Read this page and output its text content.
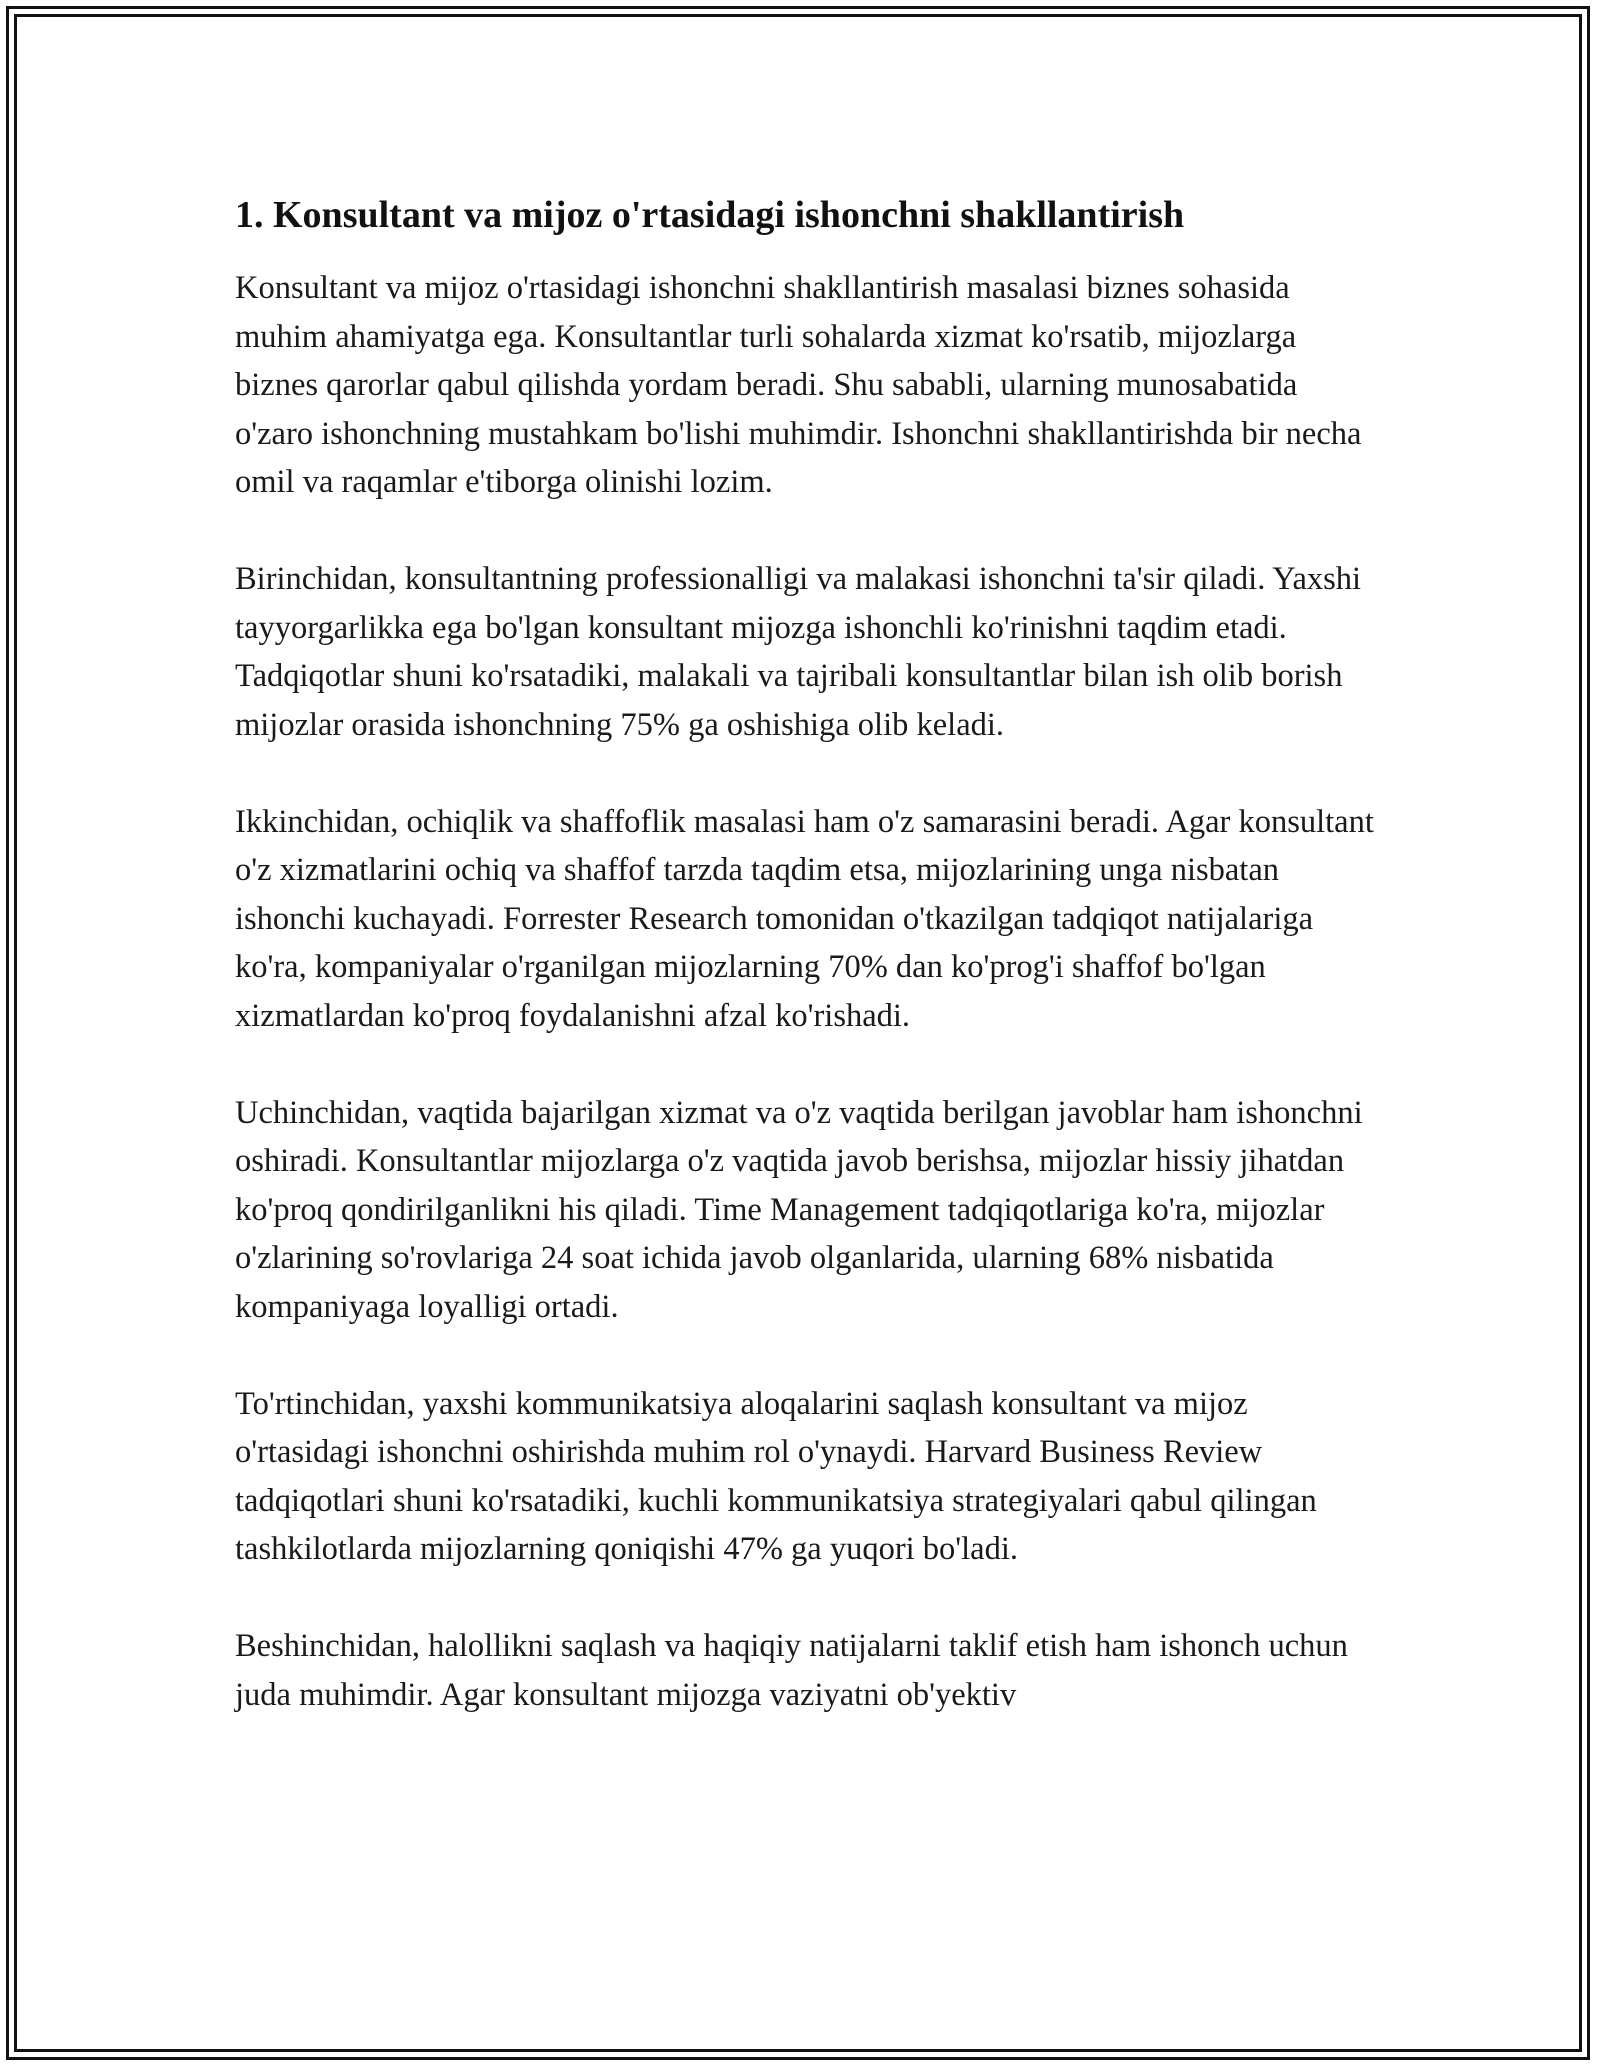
1. Konsultant va mijoz o'rtasidagi ishonchni shakllantirish

Konsultant va mijoz o'rtasidagi ishonchni shakllantirish masalasi biznes sohasida muhim ahamiyatga ega. Konsultantlar turli sohalarda xizmat ko'rsatib, mijozlarga biznes qarorlar qabul qilishda yordam beradi. Shu sababli, ularning munosabatida o'zaro ishonchning mustahkam bo'lishi muhimdir. Ishonchni shakllantirishda bir necha omil va raqamlar e'tiborga olinishi lozim.

Birinchidan, konsultantning professionalligi va malakasi ishonchni ta'sir qiladi. Yaxshi tayyorgarlikka ega bo'lgan konsultant mijozga ishonchli ko'rinishni taqdim etadi. Tadqiqotlar shuni ko'rsatadiki, malakali va tajribali konsultantlar bilan ish olib borish mijozlar orasida ishonchning 75% ga oshishiga olib keladi.

Ikkinchidan, ochiqlik va shaffoflik masalasi ham o'z samarasini beradi. Agar konsultant o'z xizmatlarini ochiq va shaffof tarzda taqdim etsa, mijozlarining unga nisbatan ishonchi kuchayadi. Forrester Research tomonidan o'tkazilgan tadqiqot natijalariga ko'ra, kompaniyalar o'rganilgan mijozlarning 70% dan ko'prog'i shaffof bo'lgan xizmatlardan ko'proq foydalanishni afzal ko'rishadi.

Uchinchidan, vaqtida bajarilgan xizmat va o'z vaqtida berilgan javoblar ham ishonchni oshiradi. Konsultantlar mijozlarga o'z vaqtida javob berishsa, mijozlar hissiy jihatdan ko'proq qondirilganlikni his qiladi. Time Management tadqiqotlariga ko'ra, mijozlar o'zlarining so'rovlariga 24 soat ichida javob olganlarida, ularning 68% nisbatida kompaniyaga loyalligi ortadi.

To'rtinchidan, yaxshi kommunikatsiya aloqalarini saqlash konsultant va mijoz o'rtasidagi ishonchni oshirishda muhim rol o'ynaydi. Harvard Business Review tadqiqotlari shuni ko'rsatadiki, kuchli kommunikatsiya strategiyalari qabul qilingan tashkilotlarda mijozlarning qoniqishi 47% ga yuqori bo'ladi.

Beshinchidan, halollikni saqlash va haqiqiy natijalarni taklif etish ham ishonch uchun juda muhimdir. Agar konsultant mijozga vaziyatni ob'yektiv
